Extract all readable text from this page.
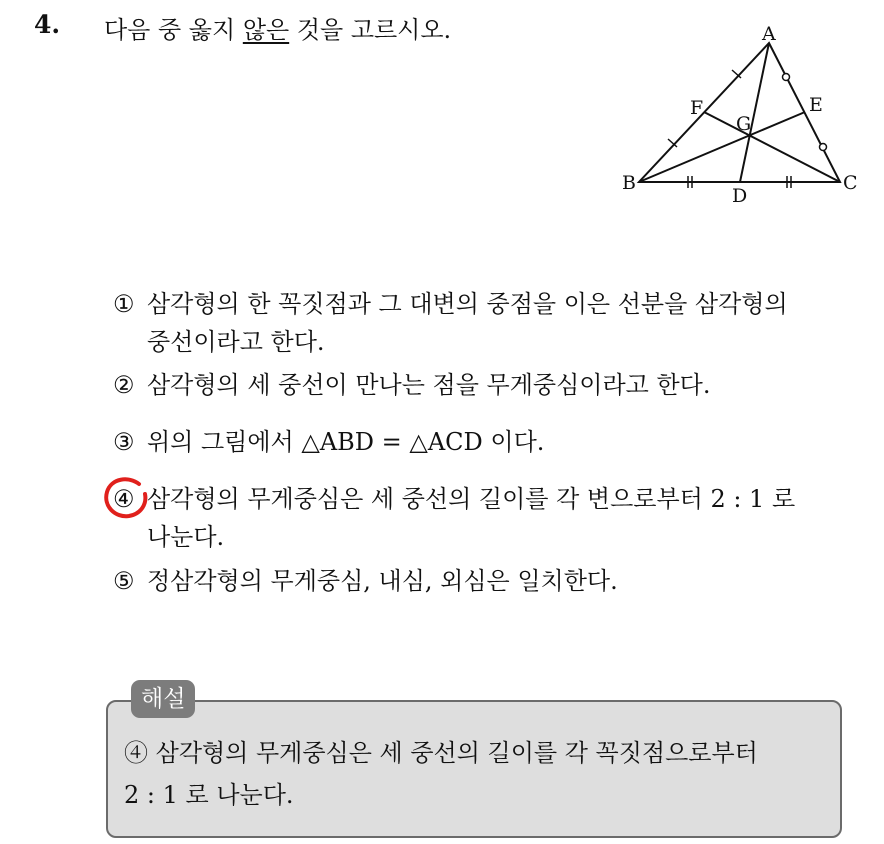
4. 다음 중 옳지 않은 것을 고르시오.	A
B	C
D
E
F
G
① 삼각형의 한 꼭짓점과 그 대변의 중점을 이은 선분을 삼각형의
중선이라고 한다.
② 삼각형의 세 중선이 만나는 점을 무게중심이라고 한다.
③ 위의 그림에서 △ABD = △ACD 이다.
④ 삼각형의 무게중심은 세 중선의 길이를 각 변으로부터 2 : 1 로
나눈다.
⑤ 정삼각형의 무게중심, 내심, 외심은 일치한다.
해설
④ 삼각형의 무게중심은 세 중선의 길이를 각 꼭짓점으로부터
2 : 1 로 나눈다.
